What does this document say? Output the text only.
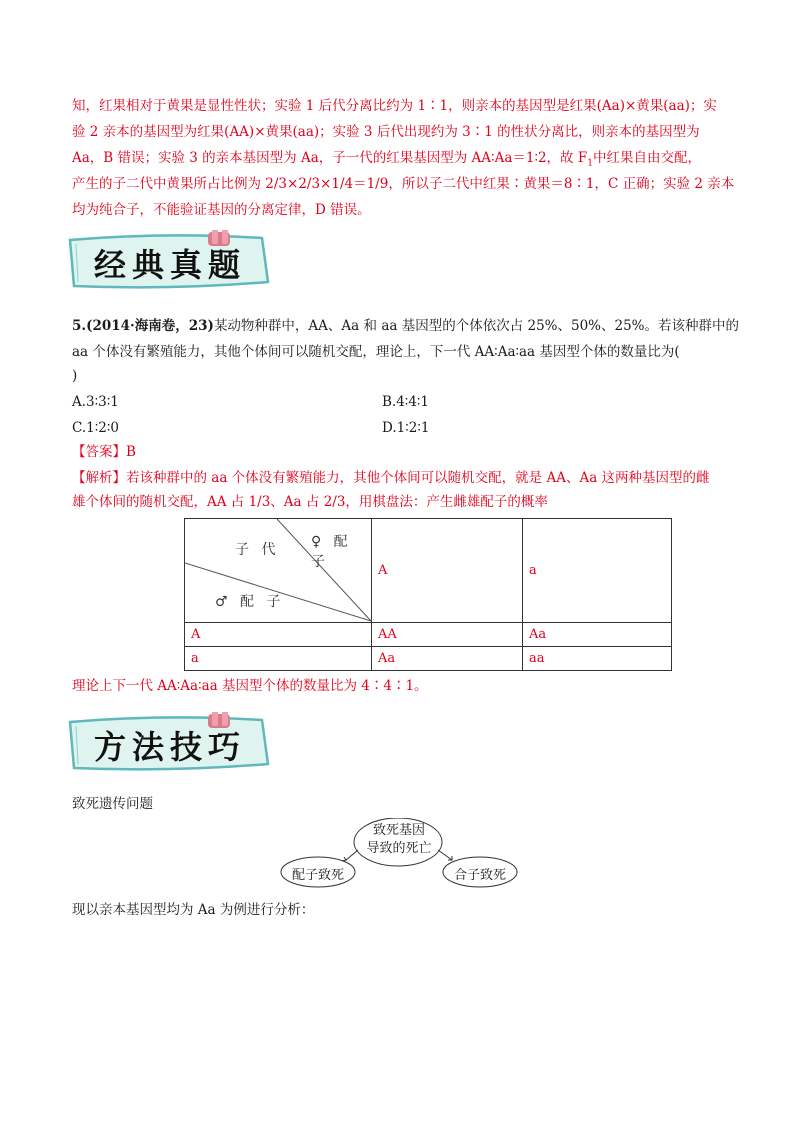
知，红果相对于黄果是显性性状；实验 1 后代分离比约为 1∶1，则亲本的基因型是红果(Aa)×黄果(aa)；实
验 2 亲本的基因型为红果(AA)×黄果(aa)；实验 3 后代出现约为 3∶1 的性状分离比，则亲本的基因型为
Aa，B 错误；实验 3 的亲本基因型为 Aa，子一代的红果基因型为 AA∶Aa＝1∶2，故 $F_1$中红果自由交配，
产生的子二代中黄果所占比例为 2/3×2/3×1/4＝1/9，所以子二代中红果∶黄果＝8∶1，C 正确；实验 2 亲本
均为纯合子，不能验证基因的分离定律，D 错误。
经典真题
5.(2014·海南卷，23)某动物种群中，AA、Aa 和 aa 基因型的个体依次占 25%、50%、25%。若该种群中的
aa 个体没有繁殖能力，其他个体间可以随机交配，理论上，下一代 AA∶Aa∶aa 基因型个体的数量比为(
)
A.3∶3∶1	B.4∶4∶1
C.1∶2∶0	D.1∶2∶1
【答案】B
【解析】若该种群中的 aa 个体没有繁殖能力，其他个体间可以随机交配，就是 AA、Aa 这两种基因型的雌
雄个体间的随机交配，AA 占 1/3、Aa 占 2/3，用棋盘法：产生雌雄配子的概率
子 代 ♀ 配 子
♂ 配 子	A	a
A	AA	Aa
a	Aa	aa
理论上下一代 AA∶Aa∶aa 基因型个体的数量比为 4∶4∶1。
方法技巧
致死遗传问题
致死基因
导致的死亡
配子致死	合子致死
现以亲本基因型均为 Aa 为例进行分析：
